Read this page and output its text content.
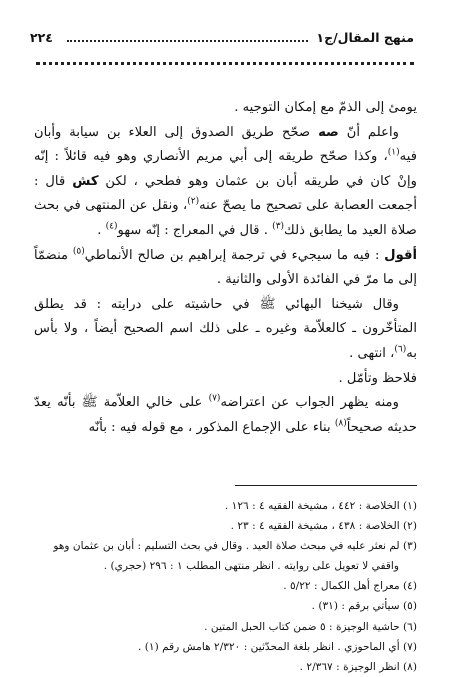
٢٢٤	منهج المقال/ج١

يومئ إلى الذمّ مع إمكان التوجيه .

واعلم أنّ صه صحّح طريق الصدوق إلى العلاء بن سيابة وأبان فيه$^{(١)}$، وكذا صحّح طريقه إلى أبي مريم الأنصاري وهو فيه قائلاً : إنّه وإنْ كان في طريقه أبان بن عثمان وهو فطحي ، لكن كش قال : أجمعت العصابة على تصحيح ما يصحّ عنه$^{(٢)}$، ونقل عن المنتهى في بحث صلاة العيد ما يطابق ذلك$^{(٣)}$ . قال في المعراج : إنّه سهو$^{(٤)}$ .

أقول : فيه ما سيجيء في ترجمة إبراهيم بن صالح الأنماطي$^{(٥)}$ منضمّاً إلى ما مرّ في الفائدة الأولى والثانية .

وقال شيخنا البهائي ﷺ في حاشيته على درايته : قد يطلق المتأخّرون ـ كالعلاّمة وغيره ـ على ذلك اسم الصحيح أيضاً ، ولا بأس به$^{(٦)}$، انتهى .

فلاحظ وتأمّل .

ومنه يظهر الجواب عن اعتراضه$^{(٧)}$ على خالي العلاّمة ﷺ بأنّه يعدّ حديثه صحيحاً$^{(٨)}$ بناء على الإجماع المذكور ، مع قوله فيه : بأنّه

(١) الخلاصة : ٤٤٢ ، مشيخة الفقيه ٤ : ١٢٦ .
(٢) الخلاصة : ٤٣٨ ، مشيخة الفقيه ٤ : ٢٣ .
(٣) لم نعثر عليه في مبحث صلاة العيد . وقال في بحث التسليم : أبان بن عثمان وهو
واقفي لا تعويل على روايته . انظر منتهى المطلب ١ : ٢٩٦ (حجري) .
(٤) معراج أهل الكمال : ٥/٢٢ .
(٥) سيأتي برقم : (٣١) .
(٦) حاشية الوجيزة : ٥ ضمن كتاب الحبل المتين .
(٧) أي الماحوزي . انظر بلغة المحدّثين : ٢/٣٢٠ هامش رقم (١) .
(٨) انظر الوجيزة : ٢/٣٦٧ .
